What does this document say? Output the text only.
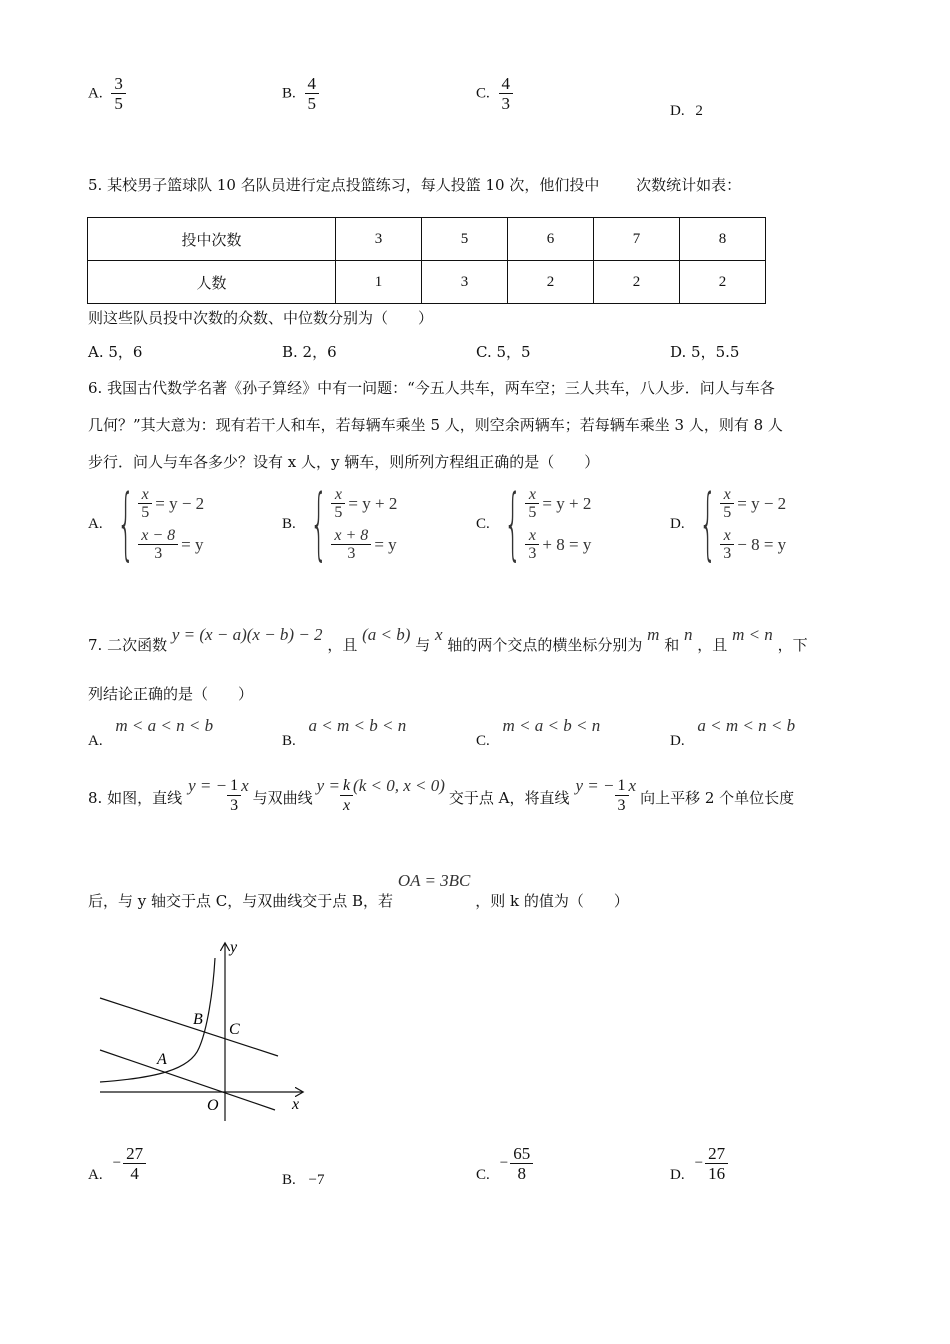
A. $\frac{3}{5}$	B. $\frac{4}{5}$	C. $\frac{4}{3}$	D. 2
5. 某校男子篮球队 10 名队员进行定点投篮练习，每人投篮 10 次，他们投中 次数统计如表：
投中次数	3	5	6	7	8
人数	1	3	2	2	2
则这些队员投中次数的众数、中位数分别为（　　）
A. 5，6	B. 2，6	C. 5，5	D. 5，5.5
6. 我国古代数学名著《孙子算经》中有一问题：“今五人共车，两车空；三人共车，八人步．问人与车各
几何？”其大意为：现有若干人和车，若每辆车乘坐 5 人，则空余两辆车；若每辆车乘坐 3 人，则有 8 人
步行．问人与车各多少？设有 x 人，y 辆车，则所列方程组正确的是（　　）
A. { $\frac{x}{5} = y - 2$
$\frac{x - 8}{3} = y$
B. { $\frac{x}{5} = y + 2$
$\frac{x + 8}{3} = y$
C. { $\frac{x}{5} = y + 2$
$\frac{x}{3} + 8 = y$
D. { $\frac{x}{5} = y - 2$
$\frac{x}{3} - 8 = y$
7. 二次函数 y = (x − a)(x − b) − 2 ，且 (a < b) 与 x 轴的两个交点的横坐标分别为 m 和 n ，且 m < n ，下
列结论正确的是（　　）
A. m < a < n < b
B. a < m < b < n
C. m < a < b < n
D. a < m < n < b
8. 如图，直线
y = − $\frac{1}{3}$ x
与双曲线
$y = \frac{k}{x} (k < 0$, x < 0)
交于点 A，将直线
y = − $\frac{1}{3}$ x
向上平移 2 个单位长度
后，与 y 轴交于点 C，与双曲线交于点 B，若 OA = 3BC ，则 k 的值为（　　）
y
x
O
A
B
C
A.
− $\frac{27}{4}$	B. −7	C.
− $\frac{65}{8}$	D.
− $\frac{27}{16}$
